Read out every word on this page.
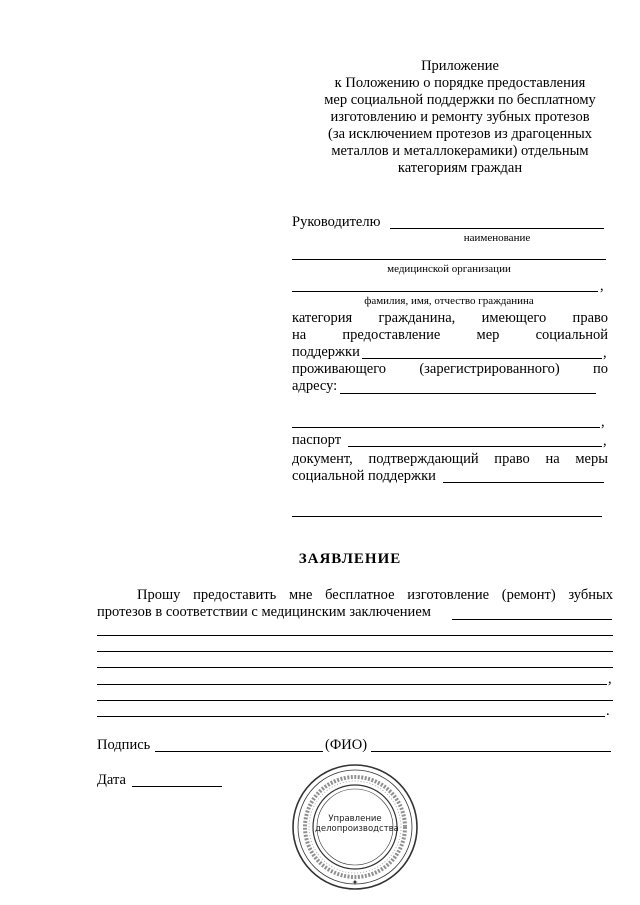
Приложение
к Положению о порядке предоставления
мер социальной поддержки по бесплатному
изготовлению и ремонту зубных протезов
(за исключением протезов из драгоценных
металлов и металлокерамики) отдельным
категориям граждан
Руководителю
наименование
медицинской организации
,
фамилия, имя, отчество гражданина
категория гражданина, имеющего право
на предоставление мер социальной
поддержки	,
проживающего (зарегистрированного) по
адресу:
,
паспорт	,
документ, подтверждающий право на меры
социальной поддержки
ЗАЯВЛЕНИЕ
Прошу предоставить мне бесплатное изготовление (ремонт) зубных
протезов в соответствии с медицинским заключением
,
.
Подпись	(ФИО)
Дата
✦
Управление
делопроизводства
